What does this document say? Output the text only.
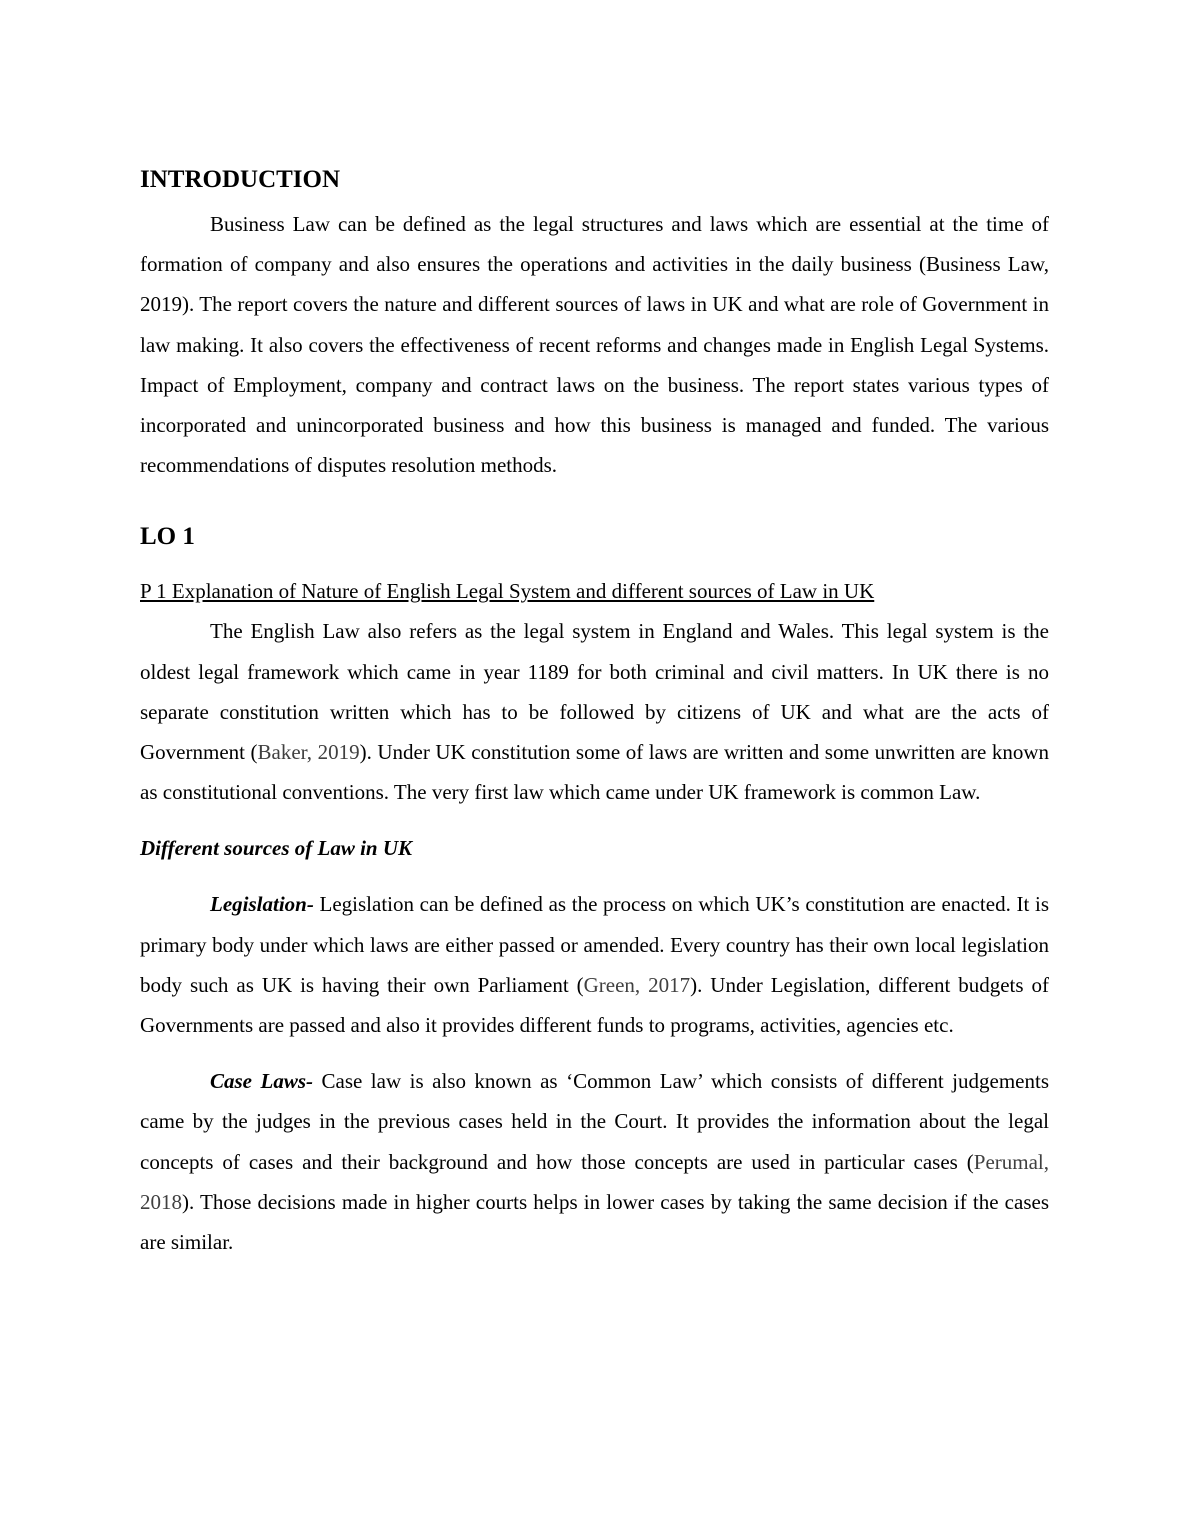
INTRODUCTION

Business Law can be defined as the legal structures and laws which are essential at the time of formation of company and also ensures the operations and activities in the daily business (Business Law, 2019). The report covers the nature and different sources of laws in UK and what are role of Government in law making. It also covers the effectiveness of recent reforms and changes made in English Legal Systems. Impact of Employment, company and contract laws on the business. The report states various types of incorporated and unincorporated business and how this business is managed and funded. The various recommendations of disputes resolution methods.

LO 1

P 1 Explanation of Nature of English Legal System and different sources of Law in UK

The English Law also refers as the legal system in England and Wales. This legal system is the oldest legal framework which came in year 1189 for both criminal and civil matters. In UK there is no separate constitution written which has to be followed by citizens of UK and what are the acts of Government (Baker, 2019). Under UK constitution some of laws are written and some unwritten are known as constitutional conventions. The very first law which came under UK framework is common Law.

Different sources of Law in UK

Legislation- Legislation can be defined as the process on which UK’s constitution are enacted. It is primary body under which laws are either passed or amended. Every country has their own local legislation body such as UK is having their own Parliament (Green, 2017). Under Legislation, different budgets of Governments are passed and also it provides different funds to programs, activities, agencies etc.

Case Laws- Case law is also known as ‘Common Law’ which consists of different judgements came by the judges in the previous cases held in the Court. It provides the information about the legal concepts of cases and their background and how those concepts are used in particular cases (Perumal, 2018). Those decisions made in higher courts helps in lower cases by taking the same decision if the cases are similar.
